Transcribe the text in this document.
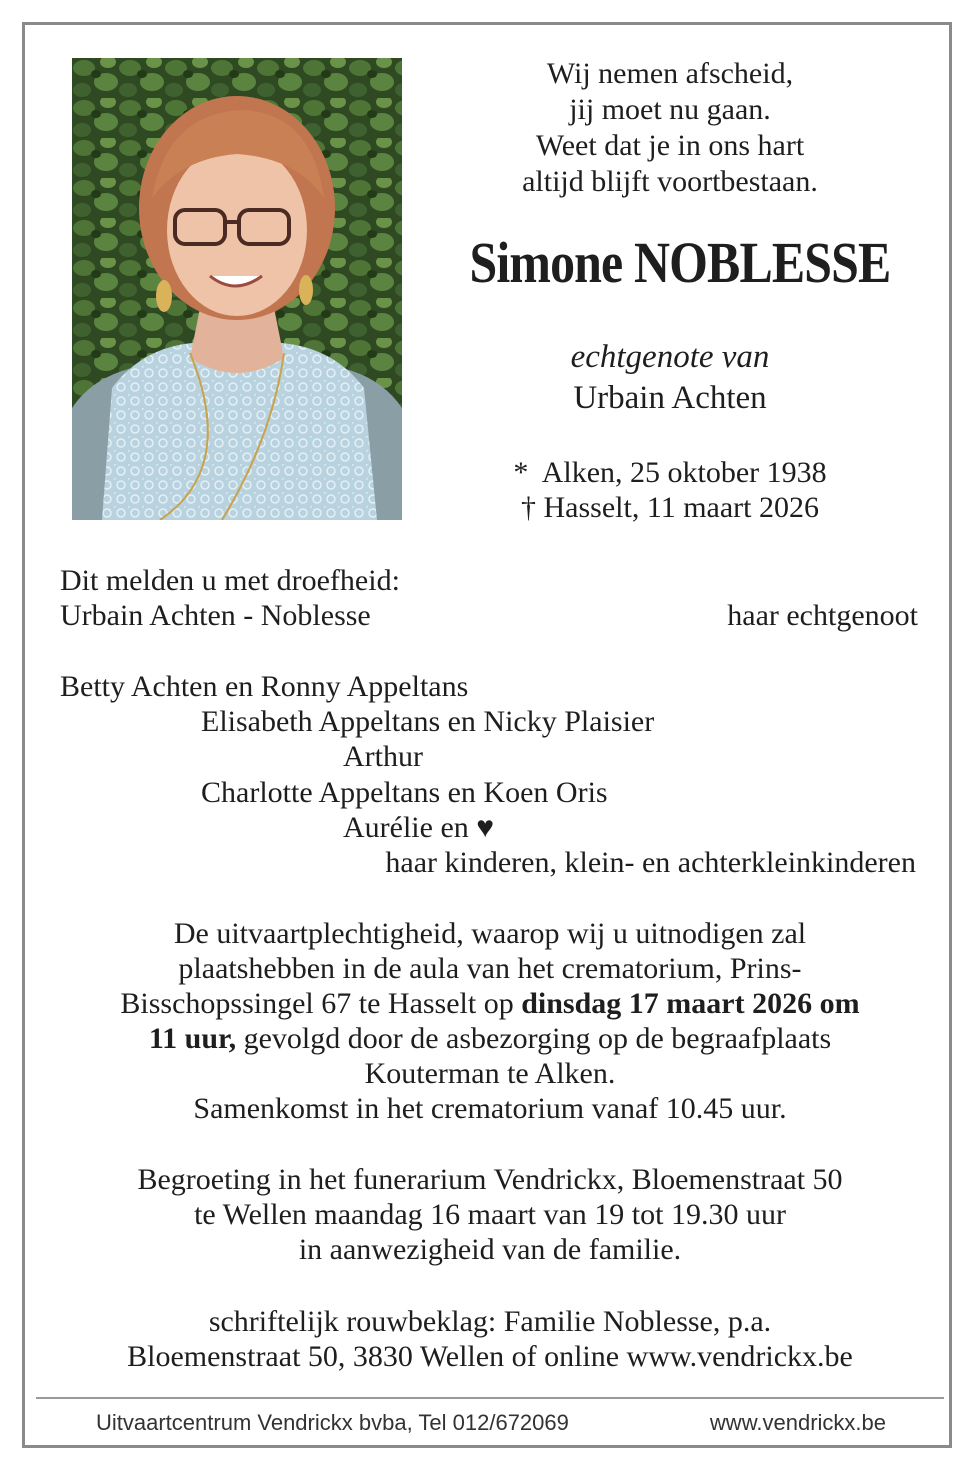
Wij nemen afscheid,
jij moet nu gaan.
Weet dat je in ons hart
altijd blijft voortbestaan.
Simone NOBLESSE
echtgenote van
Urbain Achten
*  Alken, 25 oktober 1938
† Hasselt, 11 maart 2026
Dit melden u met droefheid:
Urbain Achten - Noblesse	haar echtgenoot
Betty Achten en Ronny Appeltans
Elisabeth Appeltans en Nicky Plaisier
Arthur
Charlotte Appeltans en Koen Oris
Aurélie en ♥
haar kinderen, klein- en achterkleinkinderen
De uitvaartplechtigheid, waarop wij u uitnodigen zal
plaatshebben in de aula van het crematorium, Prins-
Bisschopssingel 67 te Hasselt op dinsdag 17 maart 2026 om
11 uur, gevolgd door de asbezorging op de begraafplaats
Kouterman te Alken.
Samenkomst in het crematorium vanaf 10.45 uur.
Begroeting in het funerarium Vendrickx, Bloemenstraat 50
te Wellen maandag 16 maart van 19 tot 19.30 uur
in aanwezigheid van de familie.
schriftelijk rouwbeklag: Familie Noblesse, p.a.
Bloemenstraat 50, 3830 Wellen of online www.vendrickx.be
Uitvaartcentrum Vendrickx bvba, Tel 012/672069	www.vendrickx.be
